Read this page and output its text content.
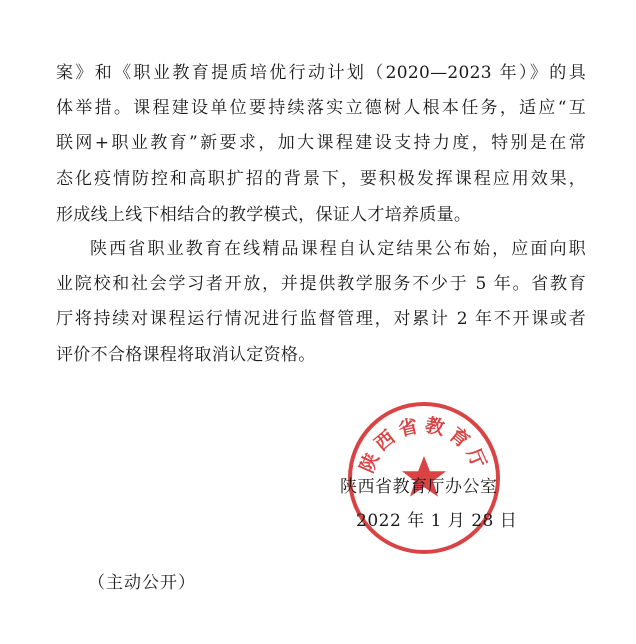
案》和《职业教育提质培优行动计划（2020—2023 年）》的具
体举措。课程建设单位要持续落实立德树人根本任务，适应“互
联网+职业教育”新要求，加大课程建设支持力度，特别是在常
态化疫情防控和高职扩招的背景下，要积极发挥课程应用效果，
形成线上线下相结合的教学模式，保证人才培养质量。
陕西省职业教育在线精品课程自认定结果公布始，应面向职
业院校和社会学习者开放，并提供教学服务不少于 5 年。省教育
厅将持续对课程运行情况进行监督管理，对累计 2 年不开课或者
评价不合格课程将取消认定资格。
陕西省教育厅
陕西省教育厅办公室
2022 年 1 月 28 日
（主动公开）
